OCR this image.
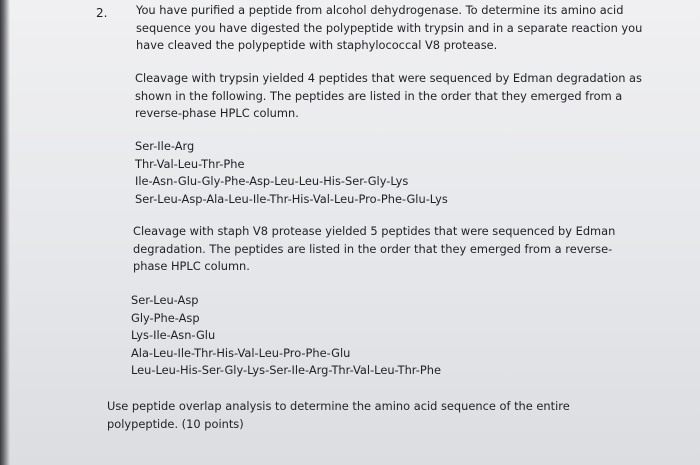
2.	You have purified a peptide from alcohol dehydrogenase. To determine its amino acid
sequence you have digested the polypeptide with trypsin and in a separate reaction you
have cleaved the polypeptide with staphylococcal V8 protease.
Cleavage with trypsin yielded 4 peptides that were sequenced by Edman degradation as
shown in the following. The peptides are listed in the order that they emerged from a
reverse-phase HPLC column.
Ser-Ile-Arg
Thr-Val-Leu-Thr-Phe
Ile-Asn-Glu-Gly-Phe-Asp-Leu-Leu-His-Ser-Gly-Lys
Ser-Leu-Asp-Ala-Leu-Ile-Thr-His-Val-Leu-Pro-Phe-Glu-Lys
Cleavage with staph V8 protease yielded 5 peptides that were sequenced by Edman
degradation. The peptides are listed in the order that they emerged from a reverse-
phase HPLC column.
Ser-Leu-Asp
Gly-Phe-Asp
Lys-Ile-Asn-Glu
Ala-Leu-Ile-Thr-His-Val-Leu-Pro-Phe-Glu
Leu-Leu-His-Ser-Gly-Lys-Ser-Ile-Arg-Thr-Val-Leu-Thr-Phe
Use peptide overlap analysis to determine the amino acid sequence of the entire
polypeptide. (10 points)
